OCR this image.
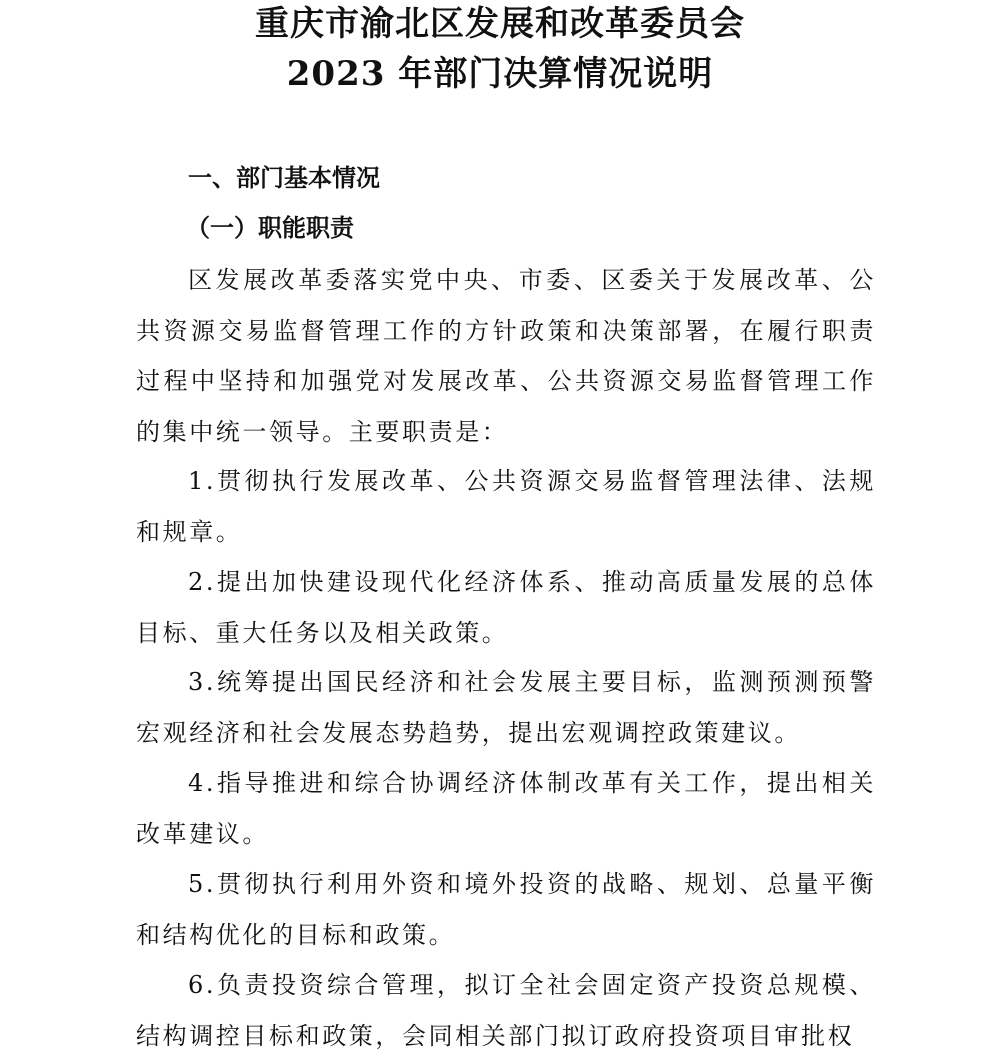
重庆市渝北区发展和改革委员会
2023 年部门决算情况说明
一、部门基本情况
（一）职能职责

区发展改革委落实党中央、市委、区委关于发展改革、公共资源交易监督管理工作的方针政策和决策部署，在履行职责过程中坚持和加强党对发展改革、公共资源交易监督管理工作的集中统一领导。主要职责是：

1.贯彻执行发展改革、公共资源交易监督管理法律、法规和规章。

2.提出加快建设现代化经济体系、推动高质量发展的总体目标、重大任务以及相关政策。

3.统筹提出国民经济和社会发展主要目标，监测预测预警宏观经济和社会发展态势趋势，提出宏观调控政策建议。

4.指导推进和综合协调经济体制改革有关工作，提出相关改革建议。

5.贯彻执行利用外资和境外投资的战略、规划、总量平衡和结构优化的目标和政策。

6.负责投资综合管理，拟订全社会固定资产投资总规模、结构调控目标和政策，会同相关部门拟订政府投资项目审批权
